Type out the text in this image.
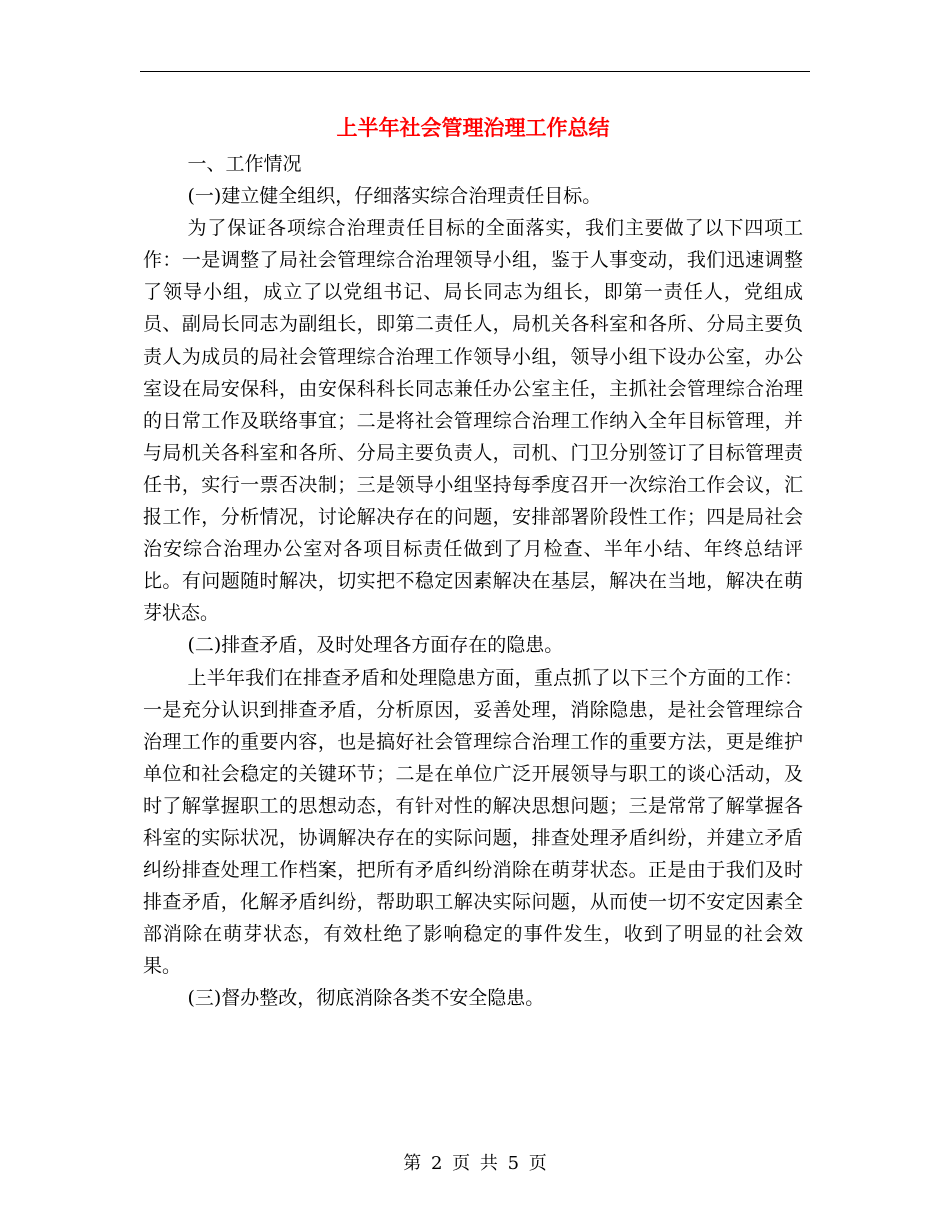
上半年社会管理治理工作总结

一、工作情况

(一)建立健全组织，仔细落实综合治理责任目标。

为了保证各项综合治理责任目标的全面落实，我们主要做了以下四项工作：一是调整了局社会管理综合治理领导小组，鉴于人事变动，我们迅速调整了领导小组，成立了以党组书记、局长同志为组长，即第一责任人，党组成员、副局长同志为副组长，即第二责任人，局机关各科室和各所、分局主要负责人为成员的局社会管理综合治理工作领导小组，领导小组下设办公室，办公室设在局安保科，由安保科科长同志兼任办公室主任，主抓社会管理综合治理的日常工作及联络事宜；二是将社会管理综合治理工作纳入全年目标管理，并与局机关各科室和各所、分局主要负责人，司机、门卫分别签订了目标管理责任书，实行一票否决制；三是领导小组坚持每季度召开一次综治工作会议，汇报工作，分析情况，讨论解决存在的问题，安排部署阶段性工作；四是局社会治安综合治理办公室对各项目标责任做到了月检查、半年小结、年终总结评比。有问题随时解决，切实把不稳定因素解决在基层，解决在当地，解决在萌芽状态。

(二)排查矛盾，及时处理各方面存在的隐患。

上半年我们在排查矛盾和处理隐患方面，重点抓了以下三个方面的工作：一是充分认识到排查矛盾，分析原因，妥善处理，消除隐患，是社会管理综合治理工作的重要内容，也是搞好社会管理综合治理工作的重要方法，更是维护单位和社会稳定的关键环节；二是在单位广泛开展领导与职工的谈心活动，及时了解掌握职工的思想动态，有针对性的解决思想问题；三是常常了解掌握各科室的实际状况，协调解决存在的实际问题，排查处理矛盾纠纷，并建立矛盾纠纷排查处理工作档案，把所有矛盾纠纷消除在萌芽状态。正是由于我们及时排查矛盾，化解矛盾纠纷，帮助职工解决实际问题，从而使一切不安定因素全部消除在萌芽状态，有效杜绝了影响稳定的事件发生，收到了明显的社会效果。

(三)督办整改，彻底消除各类不安全隐患。

第 2 页 共 5 页
